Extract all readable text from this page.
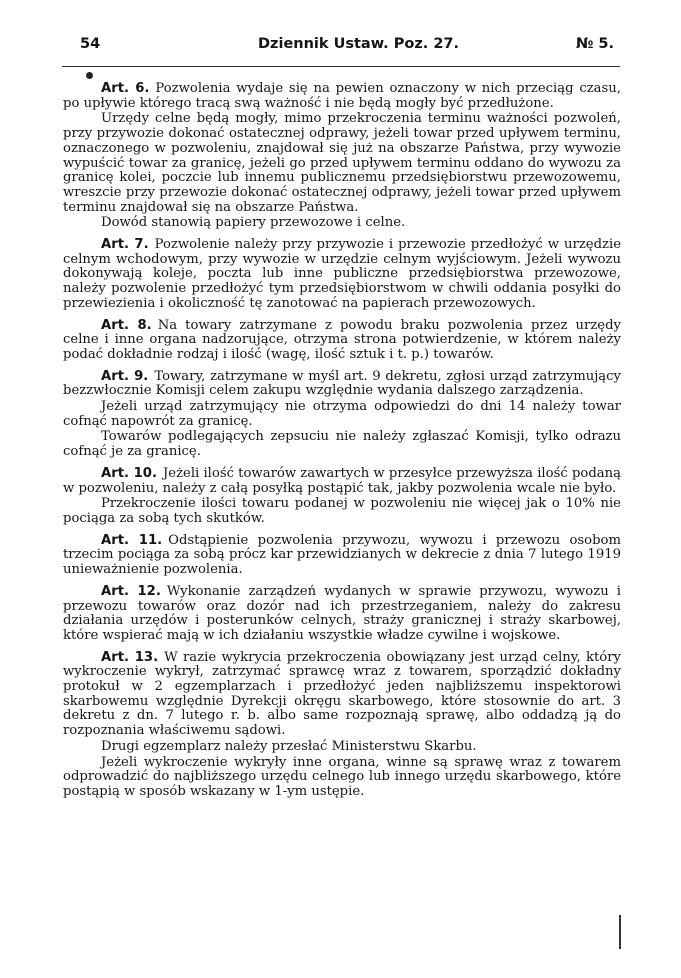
54	Dziennik Ustaw. Poz. 27.	№ 5.

Art. 6. Pozwolenia wydaje się na pewien oznaczony w nich przeciąg czasu, po upływie którego tracą swą ważność i nie będą mogły być przedłużone.

Urzędy celne będą mogły, mimo przekroczenia terminu ważności pozwoleń, przy przywozie dokonać ostatecznej odprawy, jeżeli towar przed upływem terminu, oznaczonego w pozwoleniu, znajdował się już na obszarze Państwa, przy wywozie wypuścić towar za granicę, jeżeli go przed upływem terminu oddano do wywozu za granicę kolei, poczcie lub innemu publicznemu przedsiębiorstwu przewozowemu, wreszcie przy przewozie dokonać ostatecznej odprawy, jeżeli towar przed upływem terminu znajdował się na obszarze Państwa.

Dowód stanowią papiery przewozowe i celne.

Art. 7. Pozwolenie należy przy przywozie i przewozie przedłożyć w urzędzie celnym wchodowym, przy wywozie w urzędzie celnym wyjściowym. Jeżeli wywozu dokonywają koleje, poczta lub inne publiczne przedsiębiorstwa przewozowe, należy pozwolenie przedłożyć tym przedsiębiorstwom w chwili oddania posyłki do przewiezienia i okoliczność tę zanotować na papierach przewozowych.

Art. 8. Na towary zatrzymane z powodu braku pozwolenia przez urzędy celne i inne organa nadzorujące, otrzyma strona potwierdzenie, w którem należy podać dokładnie rodzaj i ilość (wagę, ilość sztuk i t. p.) towarów.

Art. 9. Towary, zatrzymane w myśl art. 9 dekretu, zgłosi urząd zatrzymujący bezzwłocznie Komisji celem zakupu względnie wydania dalszego zarządzenia.

Jeżeli urząd zatrzymujący nie otrzyma odpowiedzi do dni 14 należy towar cofnąć napowrót za granicę.

Towarów podlegających zepsuciu nie należy zgłaszać Komisji, tylko odrazu cofnąć je za granicę.

Art. 10. Jeżeli ilość towarów zawartych w przesyłce przewyższa ilość podaną w pozwoleniu, należy z całą posyłką postąpić tak, jakby pozwolenia wcale nie było.

Przekroczenie ilości towaru podanej w pozwoleniu nie więcej jak o 10% nie pociąga za sobą tych skutków.

Art. 11. Odstąpienie pozwolenia przywozu, wywozu i przewozu osobom trzecim pociąga za sobą prócz kar przewidzianych w dekrecie z dnia 7 lutego 1919 unieważnienie pozwolenia.

Art. 12. Wykonanie zarządzeń wydanych w sprawie przywozu, wywozu i przewozu towarów oraz dozór nad ich przestrzeganiem, należy do zakresu działania urzędów i posterunków celnych, straży granicznej i straży skarbowej, które wspierać mają w ich działaniu wszystkie władze cywilne i wojskowe.

Art. 13. W razie wykrycia przekroczenia obowiązany jest urząd celny, który wykroczenie wykrył, zatrzymać sprawcę wraz z towarem, sporządzić dokładny protokuł w 2 egzemplarzach i przedłożyć jeden najbliższemu inspektorowi skarbowemu względnie Dyrekcji okręgu skarbowego, które stosownie do art. 3 dekretu z dn. 7 lutego r. b. albo same rozpoznają sprawę, albo oddadzą ją do rozpoznania właściwemu sądowi.

Drugi egzemplarz należy przesłać Ministerstwu Skarbu.

Jeżeli wykroczenie wykryły inne organa, winne są sprawę wraz z towarem odprowadzić do najbliższego urzędu celnego lub innego urzędu skarbowego, które postąpią w sposób wskazany w 1-ym ustępie.
